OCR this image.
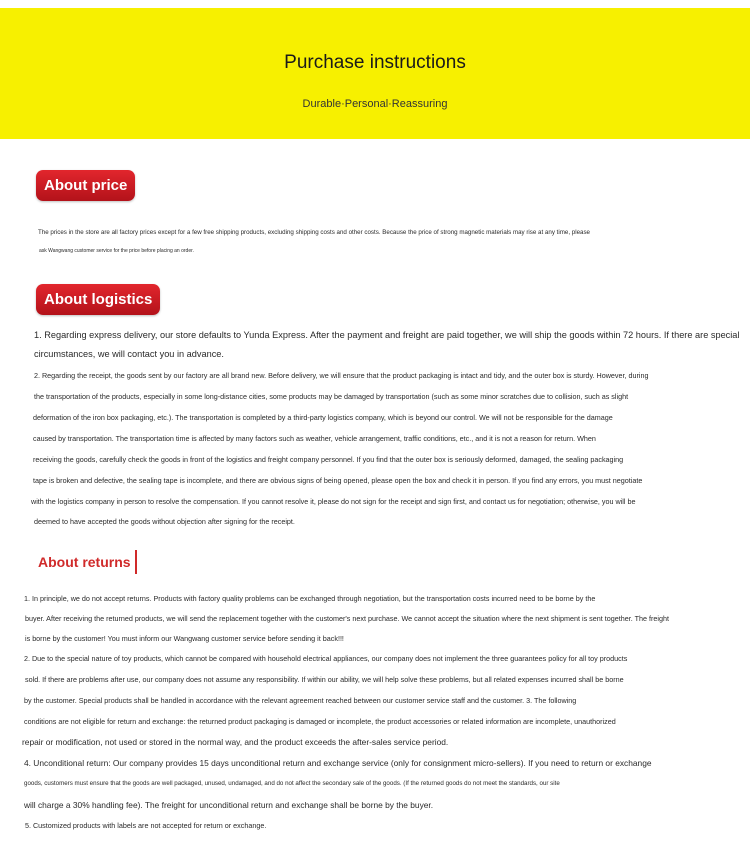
Purchase instructions
Durable·Personal·Reassuring
About price
The prices in the store are all factory prices except for a few free shipping products, excluding shipping costs and other costs. Because the price of strong magnetic materials may rise at any time, please
ask Wangwang customer service for the price before placing an order.
About logistics
1. Regarding express delivery, our store defaults to Yunda Express. After the payment and freight are paid together, we will ship the goods within 72 hours. If there are special
circumstances, we will contact you in advance.
2. Regarding the receipt, the goods sent by our factory are all brand new. Before delivery, we will ensure that the product packaging is intact and tidy, and the outer box is sturdy. However, during
the transportation of the products, especially in some long-distance cities, some products may be damaged by transportation (such as some minor scratches due to collision, such as slight
deformation of the iron box packaging, etc.). The transportation is completed by a third-party logistics company, which is beyond our control. We will not be responsible for the damage
caused by transportation. The transportation time is affected by many factors such as weather, vehicle arrangement, traffic conditions, etc., and it is not a reason for return. When
receiving the goods, carefully check the goods in front of the logistics and freight company personnel. If you find that the outer box is seriously deformed, damaged, the sealing packaging
tape is broken and defective, the sealing tape is incomplete, and there are obvious signs of being opened, please open the box and check it in person. If you find any errors, you must negotiate
with the logistics company in person to resolve the compensation. If you cannot resolve it, please do not sign for the receipt and sign first, and contact us for negotiation; otherwise, you will be
deemed to have accepted the goods without objection after signing for the receipt.
About returns
1. In principle, we do not accept returns. Products with factory quality problems can be exchanged through negotiation, but the transportation costs incurred need to be borne by the
buyer. After receiving the returned products, we will send the replacement together with the customer's next purchase. We cannot accept the situation where the next shipment is sent together. The freight
is borne by the customer! You must inform our Wangwang customer service before sending it back!!!
2. Due to the special nature of toy products, which cannot be compared with household electrical appliances, our company does not implement the three guarantees policy for all toy products
sold. If there are problems after use, our company does not assume any responsibility. If within our ability, we will help solve these problems, but all related expenses incurred shall be borne
by the customer. Special products shall be handled in accordance with the relevant agreement reached between our customer service staff and the customer. 3. The following
conditions are not eligible for return and exchange: the returned product packaging is damaged or incomplete, the product accessories or related information are incomplete, unauthorized
repair or modification, not used or stored in the normal way, and the product exceeds the after-sales service period.
4. Unconditional return: Our company provides 15 days unconditional return and exchange service (only for consignment micro-sellers). If you need to return or exchange
goods, customers must ensure that the goods are well packaged, unused, undamaged, and do not affect the secondary sale of the goods. (If the returned goods do not meet the standards, our site
will charge a 30% handling fee). The freight for unconditional return and exchange shall be borne by the buyer.
5. Customized products with labels are not accepted for return or exchange.
